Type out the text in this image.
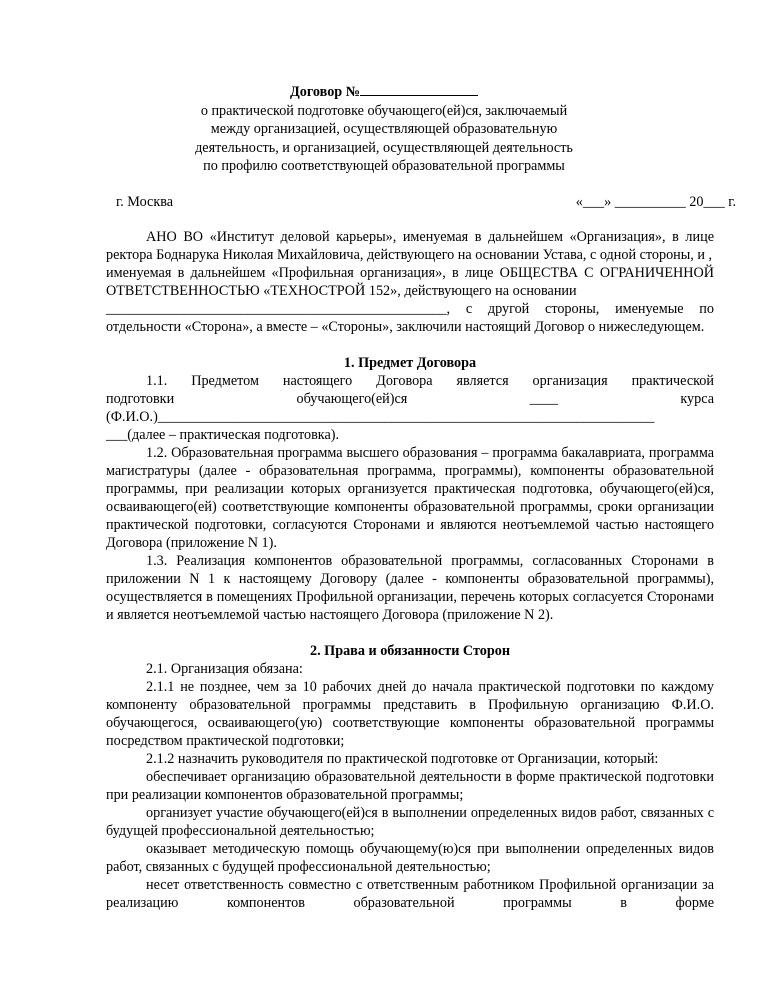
Договор №
о практической подготовке обучающего(ей)ся, заключаемый
между организацией, осуществляющей образовательную
деятельность, и организацией, осуществляющей деятельность
по профилю соответствующей образовательной программы
г. Москва	«___» __________ 20___ г.

АНО ВО «Институт деловой карьеры», именуемая в дальнейшем «Организация», в лице ректора Боднарука Николая Михайловича, действующего на основании Устава, с одной стороны, и ,

именуемая в дальнейшем «Профильная организация», в лице ОБЩЕСТВА С ОГРАНИЧЕННОЙ ОТВЕТСТВЕННОСТЬЮ «ТЕХНОСТРОЙ 152», действующего на основании

________________________________________________, с другой стороны, именуемые по отдельности «Сторона», а вместе – «Стороны», заключили настоящий Договор о нижеследующем.

1. Предмет Договора

1.1. Предметом настоящего Договора является организация практической

подготовки обучающего(ей)ся ____ курса

(Ф.И.О.)______________________________________________________________________

___(далее – практическая подготовка).

1.2. Образовательная программа высшего образования – программа бакалавриата, программа магистратуры (далее - образовательная программа, программы), компоненты образовательной программы, при реализации которых организуется практическая подготовка, обучающего(ей)ся, осваивающего(ей) соответствующие компоненты образовательной программы, сроки организации практической подготовки, согласуются Сторонами и являются неотъемлемой частью настоящего Договора (приложение N 1).

1.3. Реализация компонентов образовательной программы, согласованных Сторонами в приложении N 1 к настоящему Договору (далее - компоненты образовательной программы), осуществляется в помещениях Профильной организации, перечень которых согласуется Сторонами и является неотъемлемой частью настоящего Договора (приложение N 2).

2. Права и обязанности Сторон

2.1. Организация обязана:

2.1.1 не позднее, чем за 10 рабочих дней до начала практической подготовки по каждому компоненту образовательной программы представить в Профильную организацию Ф.И.О. обучающегося, осваивающего(ую) соответствующие компоненты образовательной программы посредством практической подготовки;

2.1.2 назначить руководителя по практической подготовке от Организации, который:

обеспечивает организацию образовательной деятельности в форме практической подготовки при реализации компонентов образовательной программы;

организует участие обучающего(ей)ся в выполнении определенных видов работ, связанных с будущей профессиональной деятельностью;

оказывает методическую помощь обучающему(ю)ся при выполнении определенных видов работ, связанных с будущей профессиональной деятельностью;

несет ответственность совместно с ответственным работником Профильной организации за реализацию компонентов образовательной программы в форме
